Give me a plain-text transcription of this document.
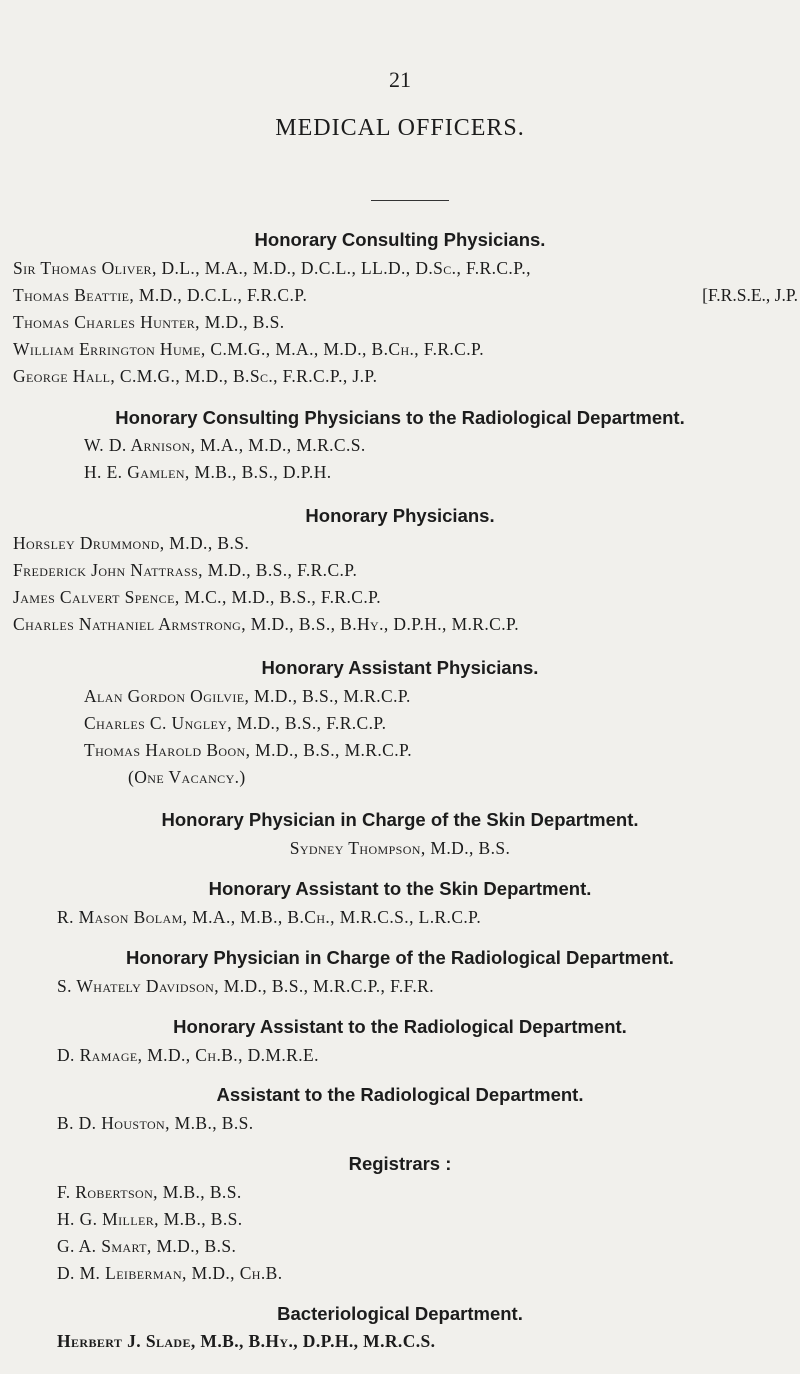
21
MEDICAL OFFICERS.
Honorary Consulting Physicians.
Sir Thomas Oliver, D.L., M.A., M.D., D.C.L., LL.D., D.Sc., F.R.C.P.,
Thomas Beattie, M.D., D.C.L., F.R.C.P.	[F.R.S.E., J.P.
Thomas Charles Hunter, M.D., B.S.
William Errington Hume, C.M.G., M.A., M.D., B.Ch., F.R.C.P.
George Hall, C.M.G., M.D., B.Sc., F.R.C.P., J.P.
Honorary Consulting Physicians to the Radiological Department.
W. D. Arnison, M.A., M.D., M.R.C.S.
H. E. Gamlen, M.B., B.S., D.P.H.
Honorary Physicians.
Horsley Drummond, M.D., B.S.
Frederick John Nattrass, M.D., B.S., F.R.C.P.
James Calvert Spence, M.C., M.D., B.S., F.R.C.P.
Charles Nathaniel Armstrong, M.D., B.S., B.Hy., D.P.H., M.R.C.P.
Honorary Assistant Physicians.
Alan Gordon Ogilvie, M.D., B.S., M.R.C.P.
Charles C. Ungley, M.D., B.S., F.R.C.P.
Thomas Harold Boon, M.D., B.S., M.R.C.P.
(One Vacancy.)
Honorary Physician in Charge of the Skin Department.
Sydney Thompson, M.D., B.S.
Honorary Assistant to the Skin Department.
R. Mason Bolam, M.A., M.B., B.Ch., M.R.C.S., L.R.C.P.
Honorary Physician in Charge of the Radiological Department.
S. Whately Davidson, M.D., B.S., M.R.C.P., F.F.R.
Honorary Assistant to the Radiological Department.
D. Ramage, M.D., Ch.B., D.M.R.E.
Assistant to the Radiological Department.
B. D. Houston, M.B., B.S.
Registrars :
F. Robertson, M.B., B.S.
H. G. Miller, M.B., B.S.
G. A. Smart, M.D., B.S.
D. M. Leiberman, M.D., Ch.B.
Bacteriological Department.
Herbert J. Slade, M.B., B.Hy., D.P.H., M.R.C.S.
